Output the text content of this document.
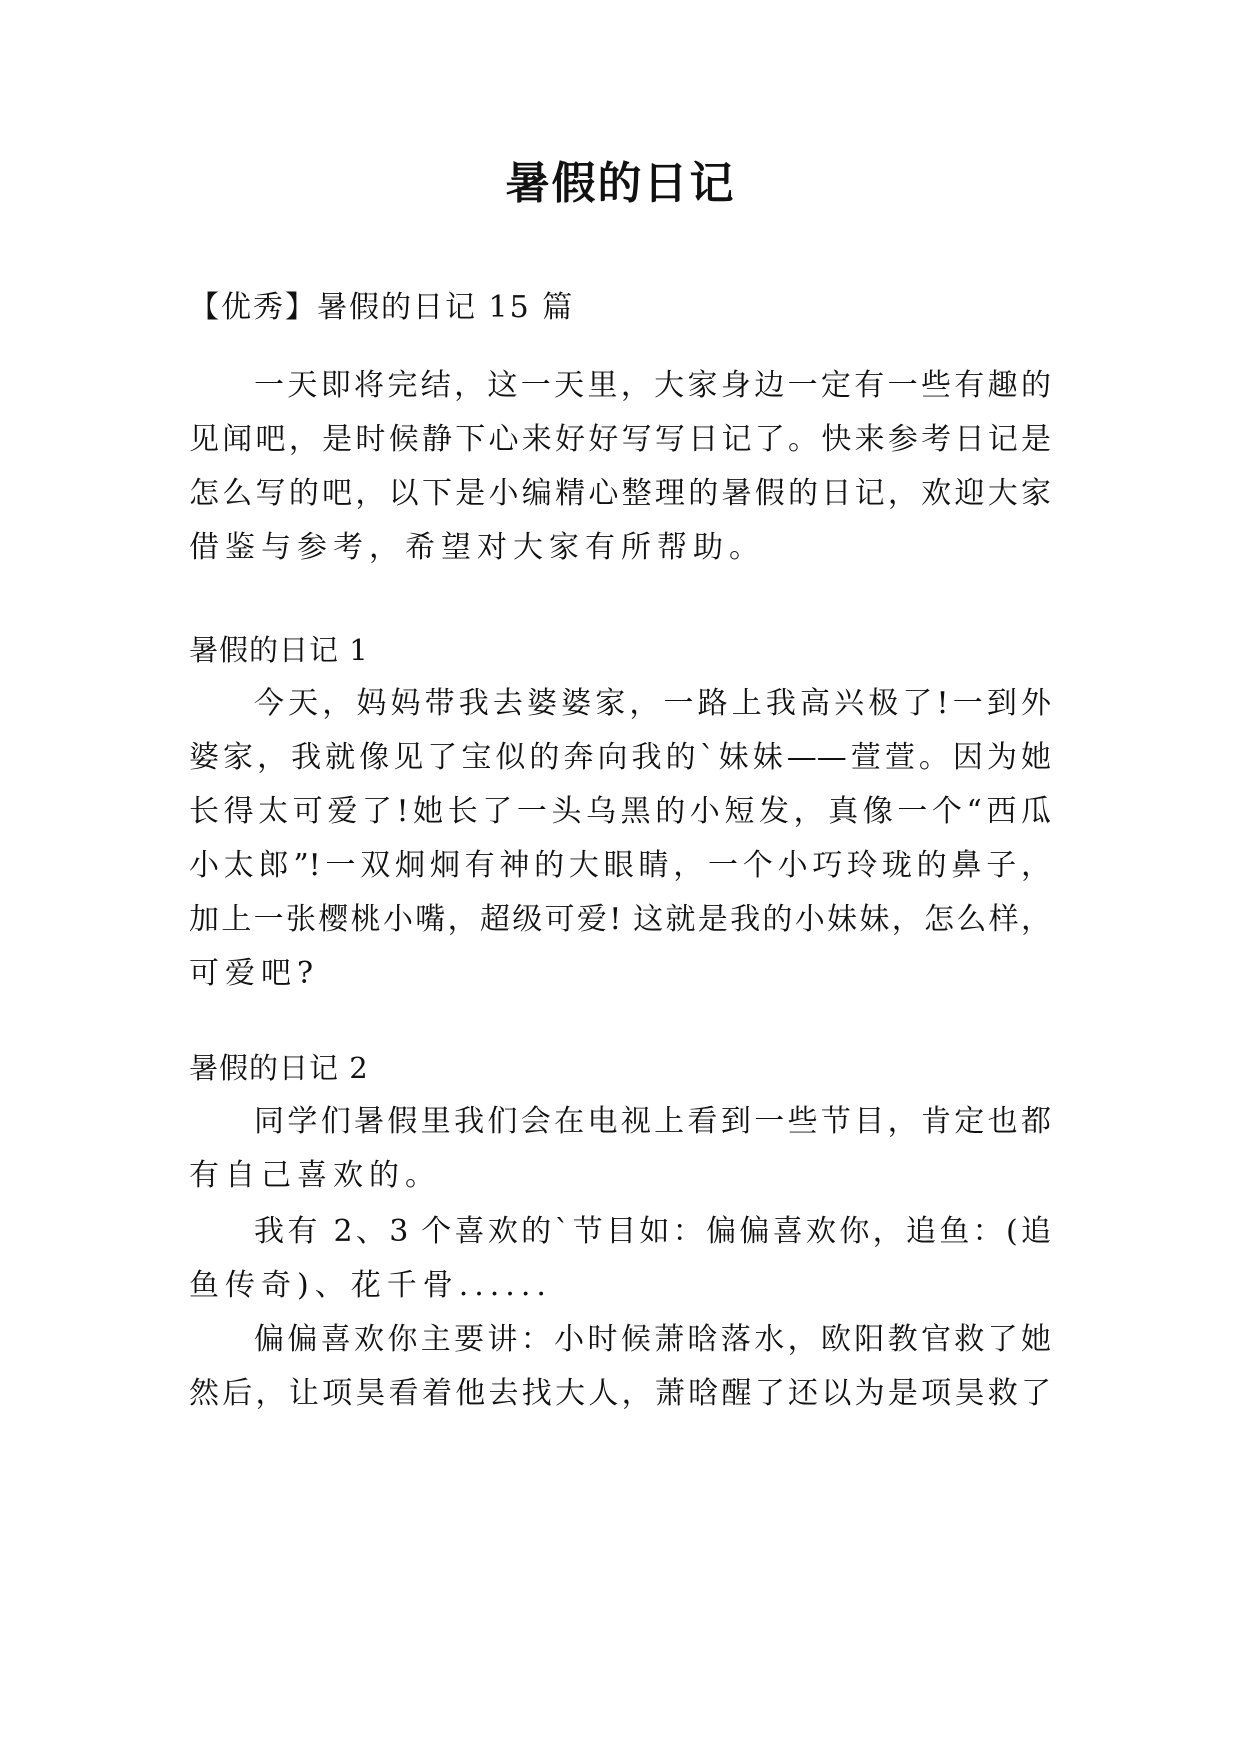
暑假的日记
【优秀】暑假的日记 15 篇
一天即将完结，这一天里，大家身边一定有一些有趣的
见闻吧，是时候静下心来好好写写日记了。快来参考日记是
怎么写的吧，以下是小编精心整理的暑假的日记，欢迎大家
借鉴与参考，希望对大家有所帮助。
暑假的日记 1
今天，妈妈带我去婆婆家，一路上我高兴极了!一到外
婆家，我就像见了宝似的奔向我的`妹妹——萱萱。因为她
长得太可爱了!她长了一头乌黑的小短发，真像一个“西瓜
小太郎”!一双炯炯有神的大眼睛，一个小巧玲珑的鼻子，
加上一张樱桃小嘴，超级可爱! 这就是我的小妹妹，怎么样，
可爱吧?
暑假的日记 2
同学们暑假里我们会在电视上看到一些节目，肯定也都
有自己喜欢的。
我有 2、3 个喜欢的`节目如：偏偏喜欢你，追鱼：(追
鱼传奇)、花千骨......
偏偏喜欢你主要讲：小时候萧晗落水，欧阳教官救了她
然后，让项昊看着他去找大人，萧晗醒了还以为是项昊救了
